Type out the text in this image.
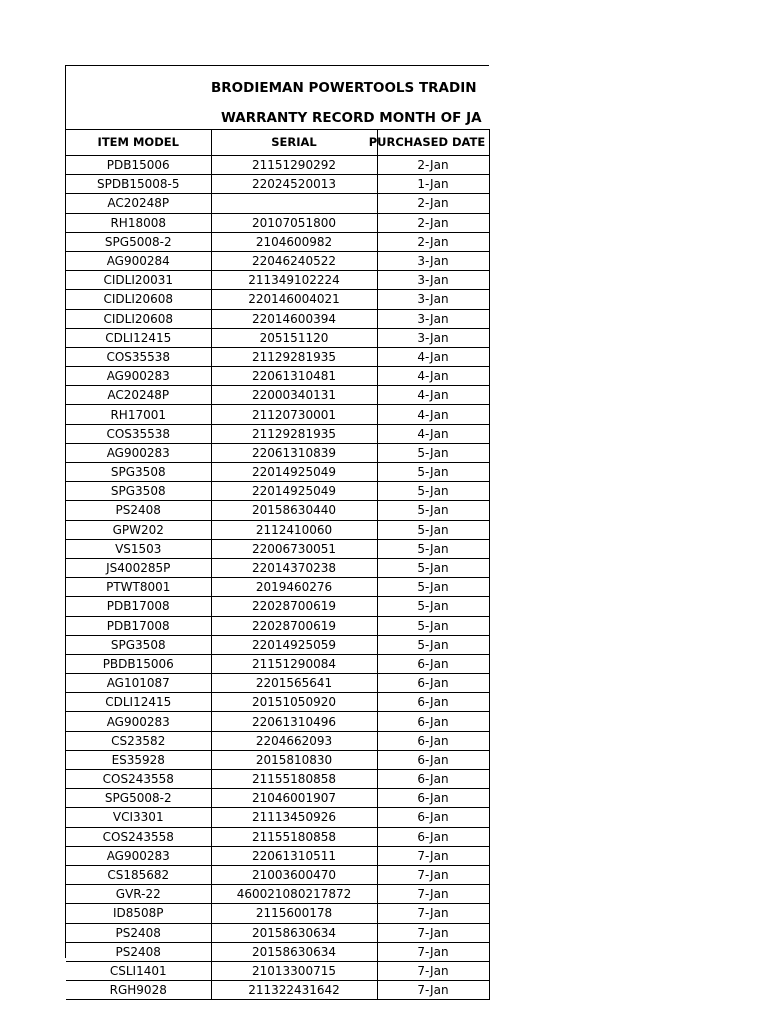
BRODIEMAN POWERTOOLS TRADIN
WARRANTY RECORD MONTH OF JA
ITEM MODEL	SERIAL	PURCHASED DATE
PDB15006	21151290292	2-Jan
SPDB15008-5	22024520013	1-Jan
AC20248P		2-Jan
RH18008	20107051800	2-Jan
SPG5008-2	2104600982	2-Jan
AG900284	22046240522	3-Jan
CIDLI20031	211349102224	3-Jan
CIDLI20608	220146004021	3-Jan
CIDLI20608	22014600394	3-Jan
CDLI12415	205151120	3-Jan
COS35538	21129281935	4-Jan
AG900283	22061310481	4-Jan
AC20248P	22000340131	4-Jan
RH17001	21120730001	4-Jan
COS35538	21129281935	4-Jan
AG900283	22061310839	5-Jan
SPG3508	22014925049	5-Jan
SPG3508	22014925049	5-Jan
PS2408	20158630440	5-Jan
GPW202	2112410060	5-Jan
VS1503	22006730051	5-Jan
JS400285P	22014370238	5-Jan
PTWT8001	2019460276	5-Jan
PDB17008	22028700619	5-Jan
PDB17008	22028700619	5-Jan
SPG3508	22014925059	5-Jan
PBDB15006	21151290084	6-Jan
AG101087	2201565641	6-Jan
CDLI12415	20151050920	6-Jan
AG900283	22061310496	6-Jan
CS23582	2204662093	6-Jan
ES35928	2015810830	6-Jan
COS243558	21155180858	6-Jan
SPG5008-2	21046001907	6-Jan
VCI3301	21113450926	6-Jan
COS243558	21155180858	6-Jan
AG900283	22061310511	7-Jan
CS185682	21003600470	7-Jan
GVR-22	460021080217872	7-Jan
ID8508P	2115600178	7-Jan
PS2408	20158630634	7-Jan
PS2408	20158630634	7-Jan
CSLI1401	21013300715	7-Jan
RGH9028	211322431642	7-Jan
